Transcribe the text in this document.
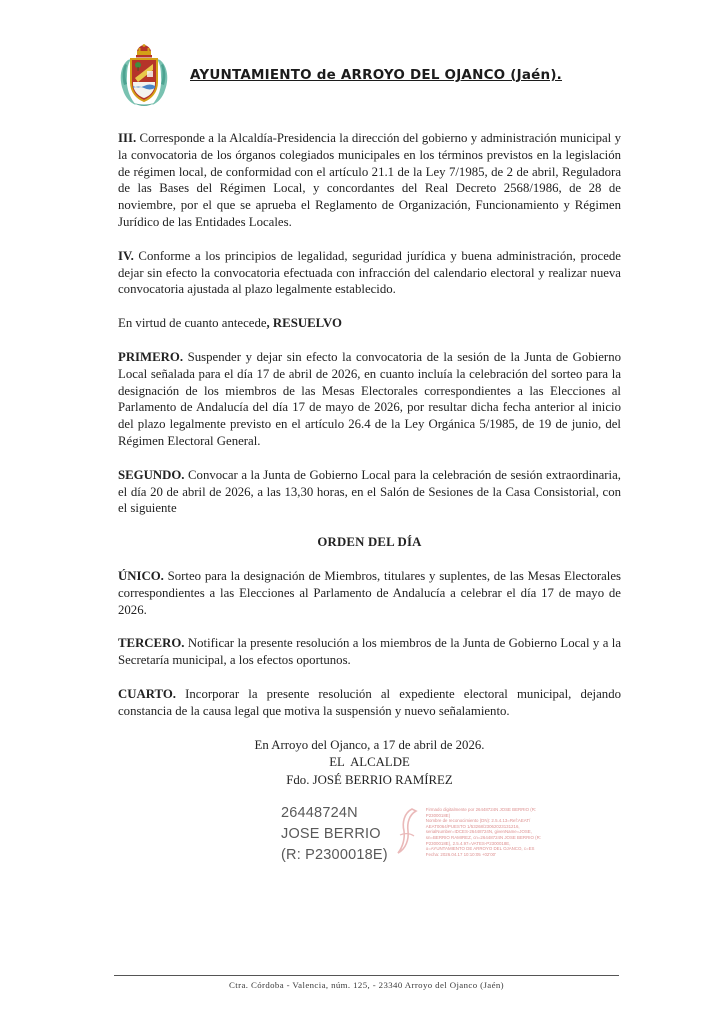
AYUNTAMIENTO de ARROYO DEL OJANCO (Jaén).

III. Corresponde a la Alcaldía-Presidencia la dirección del gobierno y administración municipal y la convocatoria de los órganos colegiados municipales en los términos previstos en la legislación de régimen local, de conformidad con el artículo 21.1 de la Ley 7/1985, de 2 de abril, Reguladora de las Bases del Régimen Local, y concordantes del Real Decreto 2568/1986, de 28 de noviembre, por el que se aprueba el Reglamento de Organización, Funcionamiento y Régimen Jurídico de las Entidades Locales.

IV. Conforme a los principios de legalidad, seguridad jurídica y buena administración, procede dejar sin efecto la convocatoria efectuada con infracción del calendario electoral y realizar nueva convocatoria ajustada al plazo legalmente establecido.

En virtud de cuanto antecede, RESUELVO

PRIMERO. Suspender y dejar sin efecto la convocatoria de la sesión de la Junta de Gobierno Local señalada para el día 17 de abril de 2026, en cuanto incluía la celebración del sorteo para la designación de los miembros de las Mesas Electorales correspondientes a las Elecciones al Parlamento de Andalucía del día 17 de mayo de 2026, por resultar dicha fecha anterior al inicio del plazo legalmente previsto en el artículo 26.4 de la Ley Orgánica 5/1985, de 19 de junio, del Régimen Electoral General.

SEGUNDO. Convocar a la Junta de Gobierno Local para la celebración de sesión extraordinaria, el día 20 de abril de 2026, a las 13,30 horas, en el Salón de Sesiones de la Casa Consistorial, con el siguiente

ORDEN DEL DÍA

ÚNICO. Sorteo para la designación de Miembros, titulares y suplentes, de las Mesas Electorales correspondientes a las Elecciones al Parlamento de Andalucía a celebrar el día 17 de mayo de 2026.

TERCERO. Notificar la presente resolución a los miembros de la Junta de Gobierno Local y a la Secretaría municipal, a los efectos oportunos.

CUARTO. Incorporar la presente resolución al expediente electoral municipal, dejando constancia de la causa legal que motiva la suspensión y nuevo señalamiento.

En Arroyo del Ojanco, a 17 de abril de 2026.
EL  ALCALDE
Fdo. JOSÉ BERRIO RAMÍREZ
26448724N
JOSE BERRIO
(R: P2300018E)
Firmado digitalmente por 26448724N JOSE BERRIO (R:
P2300018E)
Nombre de reconocimiento (DN): 2.5.4.13=Ref:AEAT/
AEAT0064/PUESTO 1/53268/23062023131216,
serialNumber=IDCES-26448724N, givenName=JOSE,
sn=BERRIO RAMIREZ, cn=26448724N JOSE BERRIO (R:
P2300018E), 2.5.4.97=VATES-P2300018E,
o=AYUNTAMIENTO DE ARROYO DEL OJANCO, c=ES
Fecha: 2026.04.17 10:10:05 +02'00'
Ctra. Córdoba - Valencia, núm. 125, - 23340 Arroyo del Ojanco (Jaén)
